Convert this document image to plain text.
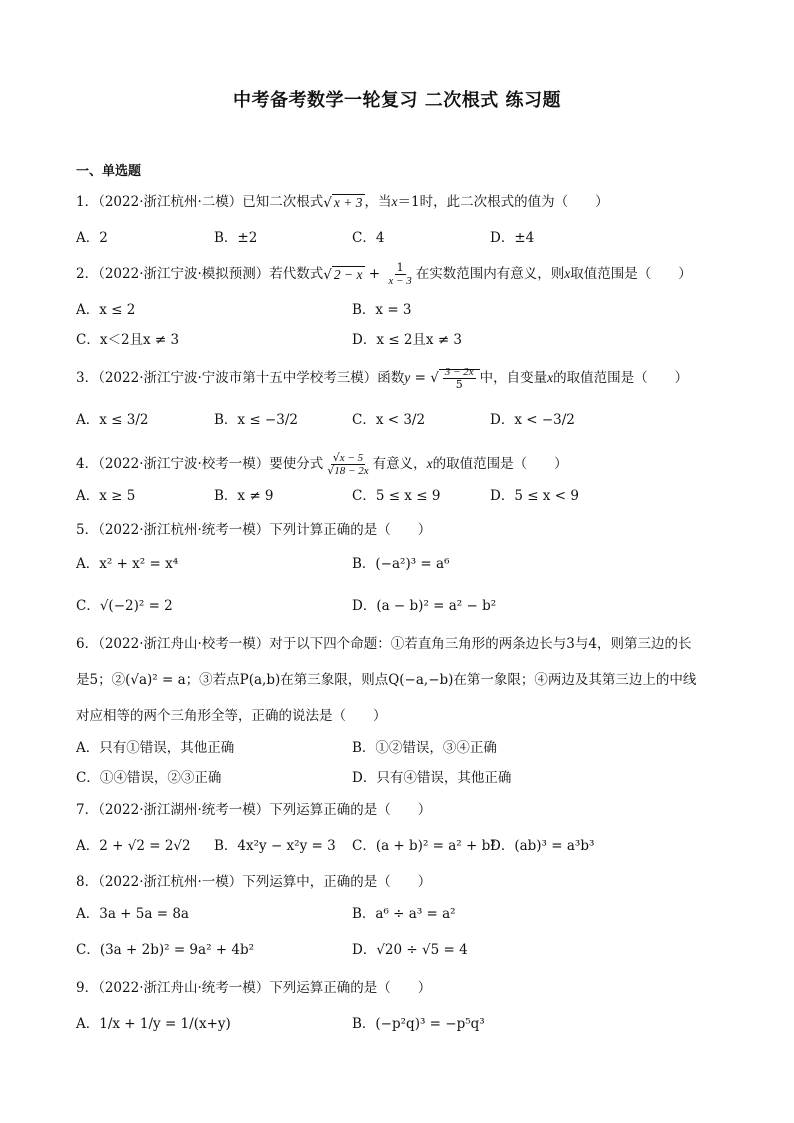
中考备考数学一轮复习 二次根式 练习题
一、单选题
1．（2022·浙江杭州·二模）已知二次根式√ x + 3 ，当x＝1时，此二次根式的值为（　　）
A．2	B．±2	C．4	D．±4
2．（2022·浙江宁波·模拟预测）若代数式√ $2 - x + \frac{1}{x - 3}$ 在实数范围内有意义，则x取值范围是（　　）
A．x ≤ 2	B．x = 3
C．x＜2且x ≠ 3	D．x ≤ 2且x ≠ 3
3．（2022·浙江宁波·宁波市第十五中学校考三模）函数y = √ $\frac{3 - 2x}{5}$ 中，自变量x的取值范围是（　　）
A．x ≤ 3/2	B．x ≤ −3/2	C．x < 3/2	D．x < −3/2
4．（2022·浙江宁波·校考一模）要使分式 $\frac{√x - 5}{√18 - 2x}$ 有意义，x的取值范围是（　　）
A．x ≥ 5	B．x ≠ 9	C．5 ≤ x ≤ 9	D．5 ≤ x < 9
5．（2022·浙江杭州·统考一模）下列计算正确的是（　　）
A．x² + x² = x⁴	B．(−a²)³ = a⁶
C．√(−2)² = 2	D．(a − b)² = a² − b²
6．（2022·浙江舟山·校考一模）对于以下四个命题：①若直角三角形的两条边长与3与4，则第三边的长
是5；②(√a)² = a；③若点P(a,b)在第三象限，则点Q(−a,−b)在第一象限；④两边及其第三边上的中线
对应相等的两个三角形全等，正确的说法是（　　）
A．只有①错误，其他正确	B．①②错误，③④正确
C．①④错误，②③正确	D．只有④错误，其他正确
7．（2022·浙江湖州·统考一模）下列运算正确的是（　　）
A．2 + √2 = 2√2 B．4x²y − x²y = 3 C．(a + b)² = a² + b²
D．(ab)³ = a³b³
8．（2022·浙江杭州·一模）下列运算中，正确的是（　　）
A．3a + 5a = 8a	B．a⁶ ÷ a³ = a²
C．(3a + 2b)² = 9a² + 4b²	D．√20 ÷ √5 = 4
9．（2022·浙江舟山·统考一模）下列运算正确的是（　　）
A．1/x + 1/y = 1/(x+y)	B．(−p²q)³ = −p⁵q³
